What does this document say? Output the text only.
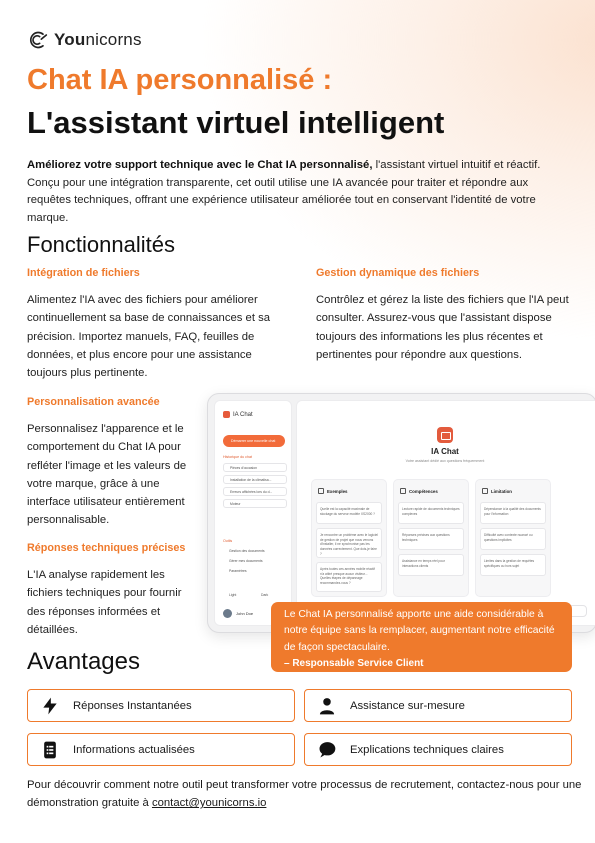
Younicorns
Chat IA personnalisé :
L'assistant virtuel intelligent

Améliorez votre support technique avec le Chat IA personnalisé, l'assistant virtuel intuitif et réactif. Conçu pour une intégration transparente, cet outil utilise une IA avancée pour traiter et répondre aux requêtes techniques, offrant une expérience utilisateur améliorée tout en conservant l'identité de votre marque.

Fonctionnalités
Intégration de fichiers

Alimentez l'IA avec des fichiers pour améliorer continuellement sa base de connaissances et sa précision. Importez manuels, FAQ, feuilles de données, et plus encore pour une assistance toujours plus pertinente.

Gestion dynamique des fichiers

Contrôlez et gérez la liste des fichiers que l'IA peut consulter. Assurez-vous que l'assistant dispose toujours des informations les plus récentes et pertinentes pour répondre aux questions.

Personnalisation avancée

Personnalisez l'apparence et le comportement du Chat IA pour refléter l'image et les valeurs de votre marque, grâce à une interface utilisateur entièrement personnalisable.

Réponses techniques précises

L'IA analyse rapidement les fichiers techniques pour fournir des réponses informées et détaillées.

IA Chat
Démarrer une nouvelle chat
Historique du chat
Pièces d'occasion
Installation de la climatisa...
Erreurs affichées lors du d...
Moteur
Outils
Gestion des documents
Gérer mes documents
Paramètres
Light	Dark
John Doe
IA Chat
Votre assistant dédié aux questions fréquemment
Exemples
Quelle est la capacité maximale de stockage du serveur modèle XS2000 ?
Je rencontre un problème avec le logiciel de gestion de projet que nous venons d'installer, il ne synchronise pas les données correctement. Que dois-je faire ?
Après toutes ces années mobile réactif n'a attiré presque aucun visiteur... Quelles étapes de dépannage recommandez-vous ?
Compétences
Lecture rapide de documents techniques complexes
Réponses précises aux questions techniques
Assistance en temps réel pour interactions clients
Limitation
Dépendance à la qualité des documents pour l'information
Difficulté avec contexte nuancé ou questions implicites
Limites dans la gestion de requêtes spécifiques ou hors sujet
Le Chat IA personnalisé apporte une aide considérable à notre équipe sans la remplacer, augmentant notre efficacité de façon spectaculaire.
– Responsable Service Client
Avantages
Réponses Instantanées	Assistance sur-mesure
Informations actualisées	Explications techniques claires

Pour découvrir comment notre outil peut transformer votre processus de recrutement, contactez-nous pour une démonstration gratuite à contact@younicorns.io
